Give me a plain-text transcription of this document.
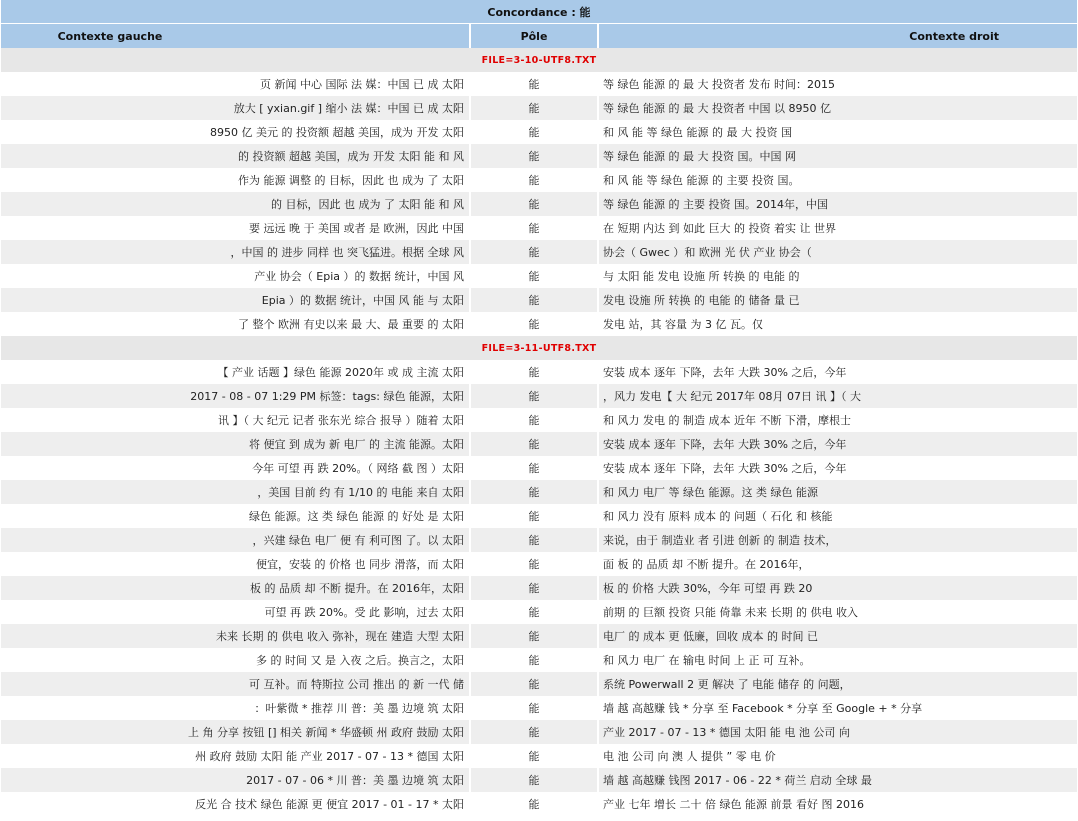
Concordance : 能		
Contexte gauche	Pôle	Contexte droit
FILE=3-10-UTF8.TXT		
页 新闻 中心 国际 法 媒：中国 已 成 太阳	能	等 绿色 能源 的 最 大 投资者 发布 时间：2015
放大 [ yxian.gif ] 缩小 法 媒：中国 已 成 太阳	能	等 绿色 能源 的 最 大 投资者 中国 以 8950 亿
8950 亿 美元 的 投资额 超越 美国，成为 开发 太阳	能	和 风 能 等 绿色 能源 的 最 大 投资 国
的 投资额 超越 美国，成为 开发 太阳 能 和 风	能	等 绿色 能源 的 最 大 投资 国。中国 网
作为 能源 调整 的 目标，因此 也 成为 了 太阳	能	和 风 能 等 绿色 能源 的 主要 投资 国。
的 目标，因此 也 成为 了 太阳 能 和 风	能	等 绿色 能源 的 主要 投资 国。2014年，中国
要 远远 晚 于 美国 或者 是 欧洲，因此 中国	能	在 短期 内达 到 如此 巨大 的 投资 着实 让 世界
，中国 的 进步 同样 也 突飞猛进。根据 全球 风	能	协会（ Gwec ）和 欧洲 光 伏 产业 协会（
产业 协会（ Epia ）的 数据 统计，中国 风	能	与 太阳 能 发电 设施 所 转换 的 电能 的
Epia ）的 数据 统计，中国 风 能 与 太阳	能	发电 设施 所 转换 的 电能 的 储备 量 已
了 整个 欧洲 有史以来 最 大、最 重要 的 太阳	能	发电 站，其 容量 为 3 亿 瓦。仅
FILE=3-11-UTF8.TXT		
【 产业 话题 】绿色 能源 2020年 或 成 主流 太阳	能	安装 成本 逐年 下降，去年 大跌 30% 之后，今年
2017 - 08 - 07 1:29 PM 标签：tags: 绿色 能源，太阳	能	，风力 发电【 大 纪元 2017年 08月 07日 讯 】（ 大
讯 】（ 大 纪元 记者 张东光 综合 报导 ）随着 太阳	能	和 风力 发电 的 制造 成本 近年 不断 下滑，摩根士
将 便宜 到 成为 新 电厂 的 主流 能源。太阳	能	安装 成本 逐年 下降，去年 大跌 30% 之后，今年
今年 可望 再 跌 20%。（ 网络 截 图 ）太阳	能	安装 成本 逐年 下降，去年 大跌 30% 之后，今年
，美国 目前 约 有 1/10 的 电能 来自 太阳	能	和 风力 电厂 等 绿色 能源。这 类 绿色 能源
绿色 能源。这 类 绿色 能源 的 好处 是 太阳	能	和 风力 没有 原料 成本 的 问题（ 石化 和 核能
，兴建 绿色 电厂 便 有 利可图 了。以 太阳	能	来说，由于 制造业 者 引进 创新 的 制造 技术，
便宜，安装 的 价格 也 同步 滑落，而 太阳	能	面 板 的 品质 却 不断 提升。在 2016年，
板 的 品质 却 不断 提升。在 2016年，太阳	能	板 的 价格 大跌 30%，今年 可望 再 跌 20
可望 再 跌 20%。受 此 影响，过去 太阳	能	前期 的 巨额 投资 只能 倚靠 未来 长期 的 供电 收入
未来 长期 的 供电 收入 弥补，现在 建造 大型 太阳	能	电厂 的 成本 更 低廉，回收 成本 的 时间 已
多 的 时间 又 是 入夜 之后。换言之，太阳	能	和 风力 电厂 在 输电 时间 上 正 可 互补。
可 互补。而 特斯拉 公司 推出 的 新 一代 储	能	系统 Powerwall 2 更 解决 了 电能 储存 的 问题，
：叶紫微 * 推荐 川 普：美 墨 边境 筑 太阳	能	墙 越 高越赚 钱 * 分享 至 Facebook * 分享 至 Google + * 分享
上 角 分享 按钮 [] 相关 新闻 * 华盛顿 州 政府 鼓励 太阳	能	产业 2017 - 07 - 13 * 德国 太阳 能 电 池 公司 向
州 政府 鼓励 太阳 能 产业 2017 - 07 - 13 * 德国 太阳	能	电 池 公司 向 澳 人 提供 ” 零 电 价
2017 - 07 - 06 * 川 普：美 墨 边境 筑 太阳	能	墙 越 高越赚 钱图 2017 - 06 - 22 * 荷兰 启动 全球 最
反光 合 技术 绿色 能源 更 便宜 2017 - 01 - 17 * 太阳	能	产业 七年 增长 二十 倍 绿色 能源 前景 看好 图 2016
